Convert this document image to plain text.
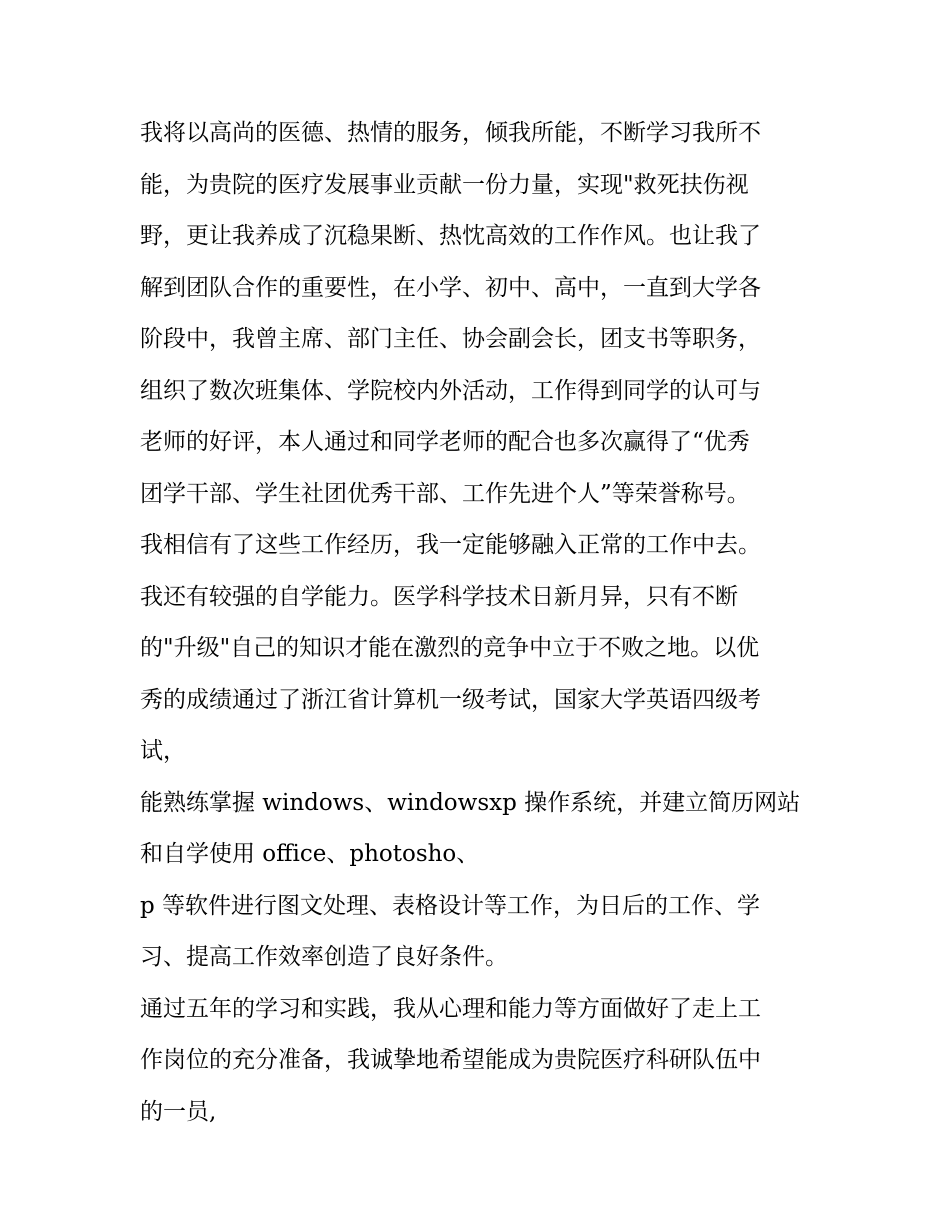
我将以高尚的医德、热情的服务，倾我所能，不断学习我所不
能，为贵院的医疗发展事业贡献一份力量，实现"救死扶伤视
野，更让我养成了沉稳果断、热忱高效的工作作风。也让我了
解到团队合作的重要性，在小学、初中、高中，一直到大学各
阶段中，我曾主席、部门主任、协会副会长，团支书等职务，
组织了数次班集体、学院校内外活动，工作得到同学的认可与
老师的好评，本人通过和同学老师的配合也多次赢得了“优秀
团学干部、学生社团优秀干部、工作先进个人”等荣誉称号。
我相信有了这些工作经历，我一定能够融入正常的工作中去。
我还有较强的自学能力。医学科学技术日新月异，只有不断
的"升级"自己的知识才能在激烈的竞争中立于不败之地。以优
秀的成绩通过了浙江省计算机一级考试，国家大学英语四级考
试，
能熟练掌握 windows、windowsxp 操作系统，并建立简历网站
和自学使用 office、photosho、
p 等软件进行图文处理、表格设计等工作，为日后的工作、学
习、提高工作效率创造了良好条件。
通过五年的学习和实践，我从心理和能力等方面做好了走上工
作岗位的充分准备，我诚挚地希望能成为贵院医疗科研队伍中
的一员,
